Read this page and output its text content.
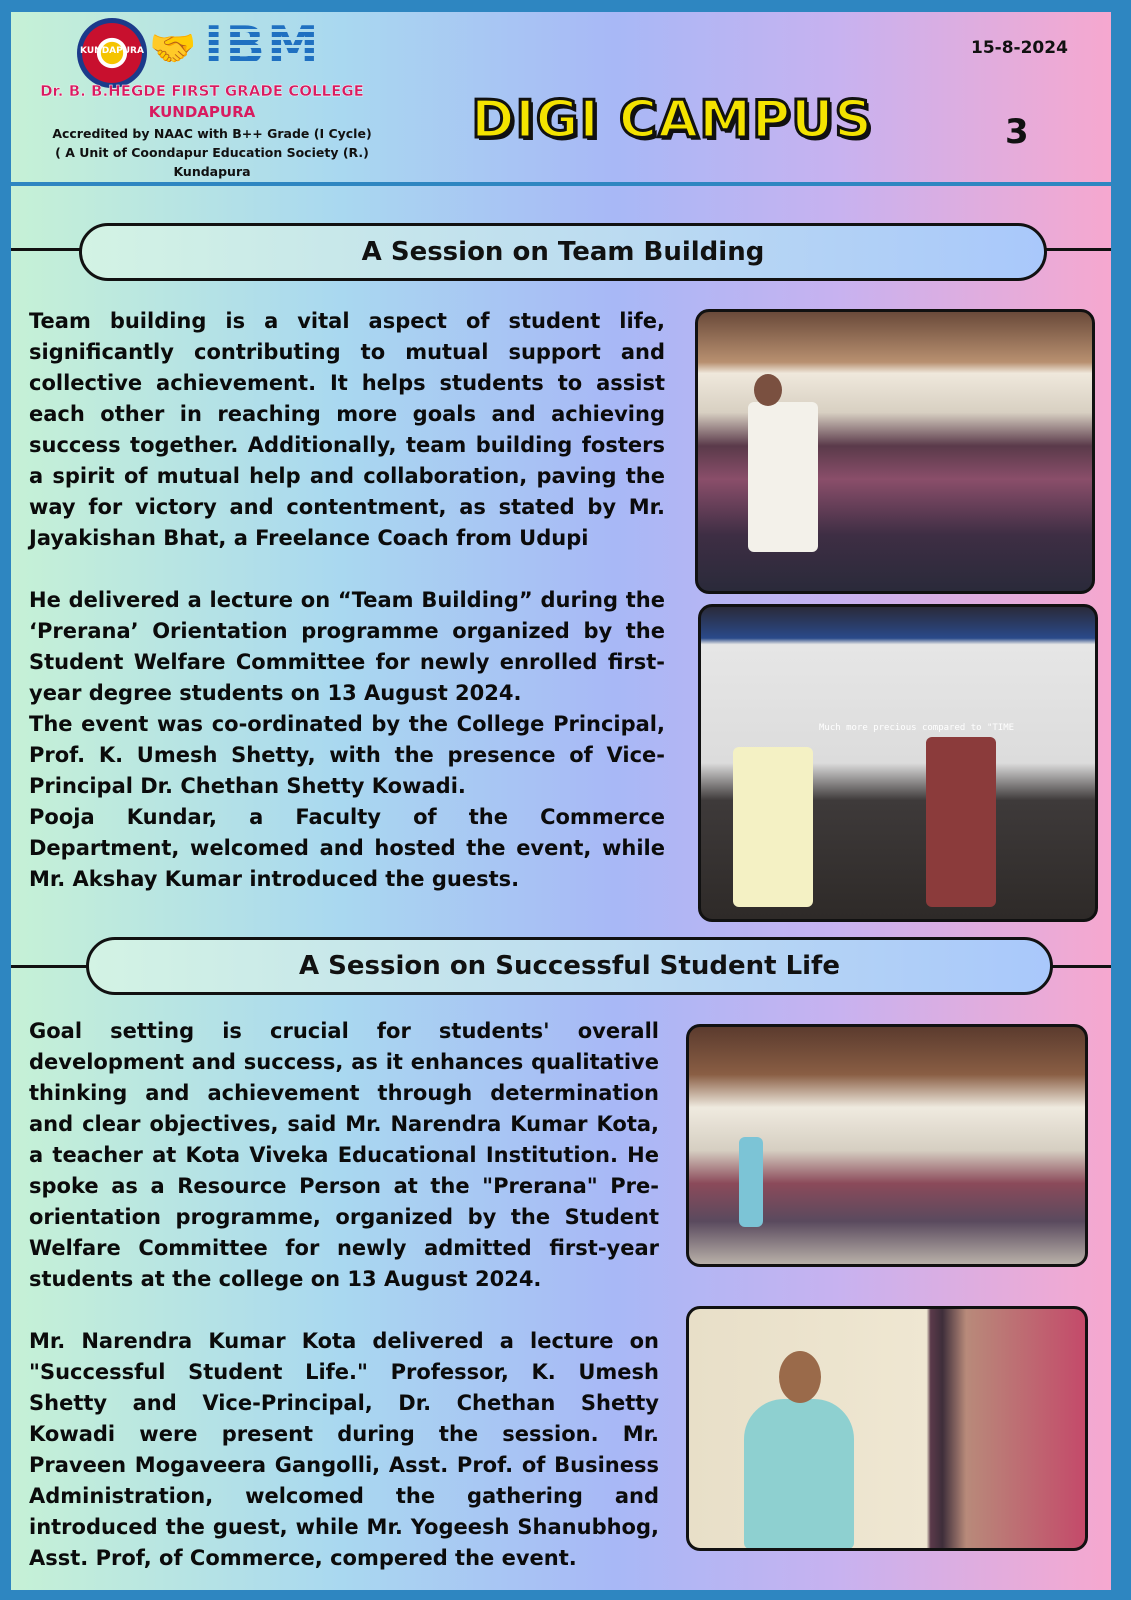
KUNDAPURA 🤝 IBM
Dr. B. B.HEGDE FIRST GRADE COLLEGE
KUNDAPURA
Accredited by NAAC with B++ Grade (I Cycle)
( A Unit of Coondapur Education Society (R.)
Kundapura
DIGI CAMPUS
15-8-2024
3
A Session on Team Building

Team building is a vital aspect of student life, significantly contributing to mutual support and collective achievement. It helps students to assist each other in reaching more goals and achieving success together. Additionally, team building fosters a spirit of mutual help and collaboration, paving the way for victory and contentment, as stated by Mr. Jayakishan Bhat, a Freelance Coach from Udupi

He delivered a lecture on “Team Building” during the ‘Prerana’ Orientation programme organized by the Student Welfare Committee for newly enrolled first-year degree students on 13 August 2024.

The event was co-ordinated by the College Principal, Prof. K. Umesh Shetty, with the presence of Vice-Principal Dr. Chethan Shetty Kowadi.

Pooja Kundar, a Faculty of the Commerce Department, welcomed and hosted the event, while Mr. Akshay Kumar introduced the guests.

Much more precious compared to "TIME
A Session on Successful Student Life

Goal setting is crucial for students' overall development and success, as it enhances qualitative thinking and achievement through determination and clear objectives, said Mr. Narendra Kumar Kota, a teacher at Kota Viveka Educational Institution. He spoke as a Resource Person at the "Prerana" Pre-orientation programme, organized by the Student Welfare Committee for newly admitted first-year students at the college on 13 August 2024.

Mr. Narendra Kumar Kota delivered a lecture on "Successful Student Life." Professor, K. Umesh Shetty and Vice-Principal, Dr. Chethan Shetty Kowadi were present during the session. Mr. Praveen Mogaveera Gangolli, Asst. Prof. of Business Administration, welcomed the gathering and introduced the guest, while Mr. Yogeesh Shanubhog, Asst. Prof, of Commerce, compered the event.
